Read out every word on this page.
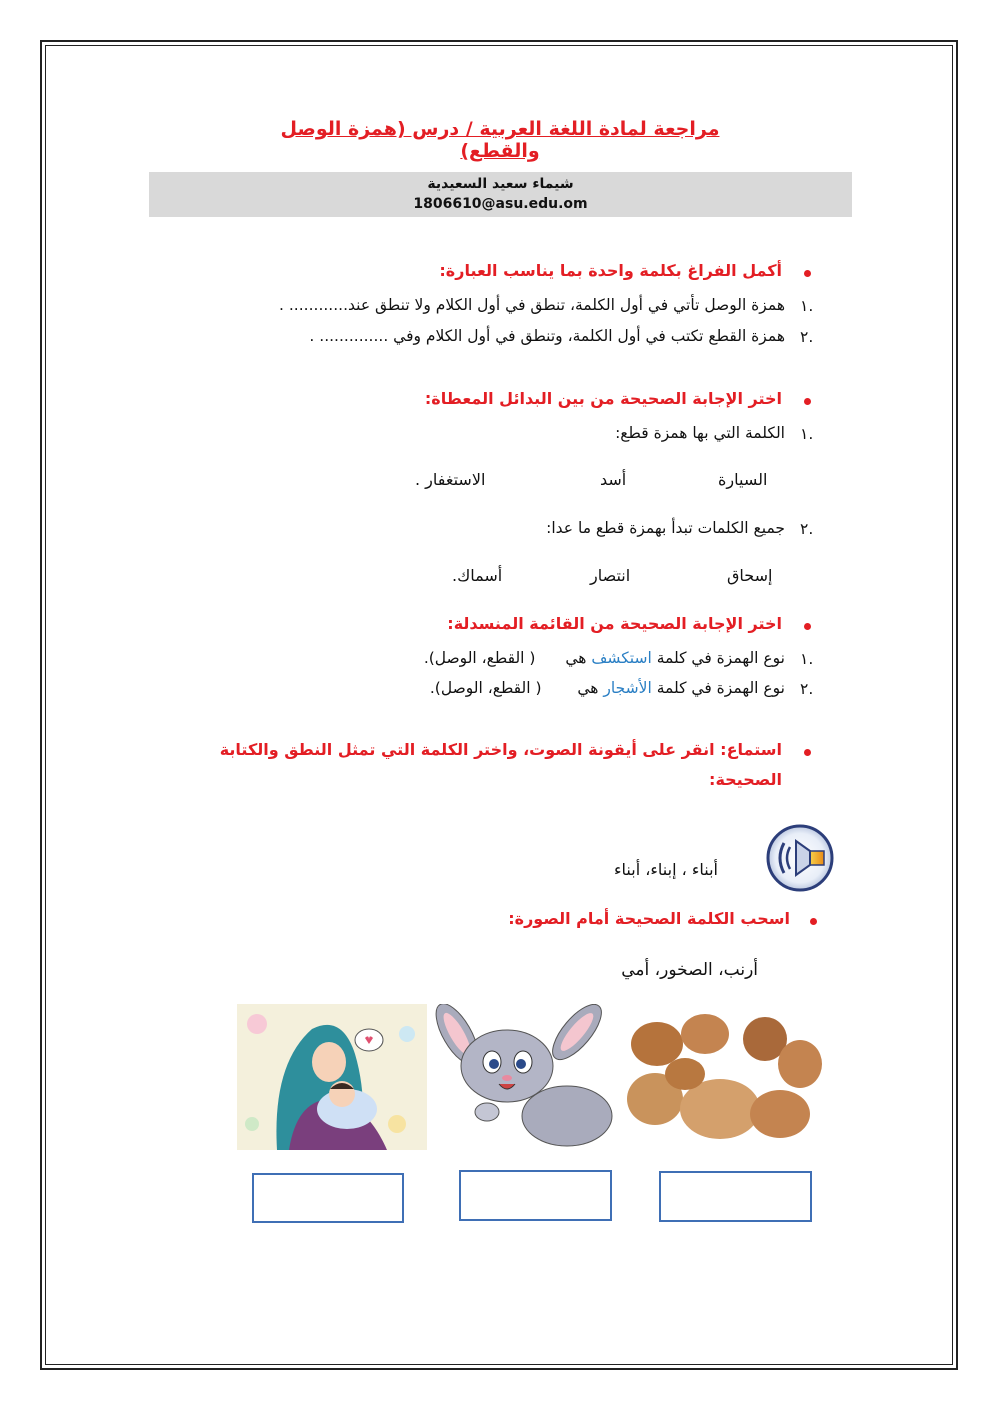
مراجعة لمادة اللغة العربية / درس (همزة الوصل والقطع)
شيماء سعيد السعيدية
1806610@asu.edu.om
أكمل الفراغ بكلمة واحدة بما يناسب العبارة:
١.
همزة الوصل تأتي في أول الكلمة، تنطق في أول الكلام ولا تنطق عند............ .
٢.
همزة القطع تكتب في أول الكلمة، وتنطق في أول الكلام وفي .............. .
اختر الإجابة الصحيحة من بين البدائل المعطاة:
١.
الكلمة التي بها همزة قطع:
السيارة
أسد
الاستغفار .
٢.
جميع الكلمات تبدأ بهمزة قطع ما عدا:
إسحاق
انتصار
أسماك.
اختر الإجابة الصحيحة من القائمة المنسدلة:
١.
نوع الهمزة في كلمة استكشف هي  ( القطع، الوصل).
٢.
نوع الهمزة في كلمة الأشجار هي  ( القطع، الوصل).
استماع: انقر على أيقونة الصوت، واختر الكلمة التي تمثل النطق والكتابة
الصحيحة:
أبناء ، إبناء، أبناء
اسحب الكلمة الصحيحة أمام الصورة:
أرنب، الصخور، أمي
